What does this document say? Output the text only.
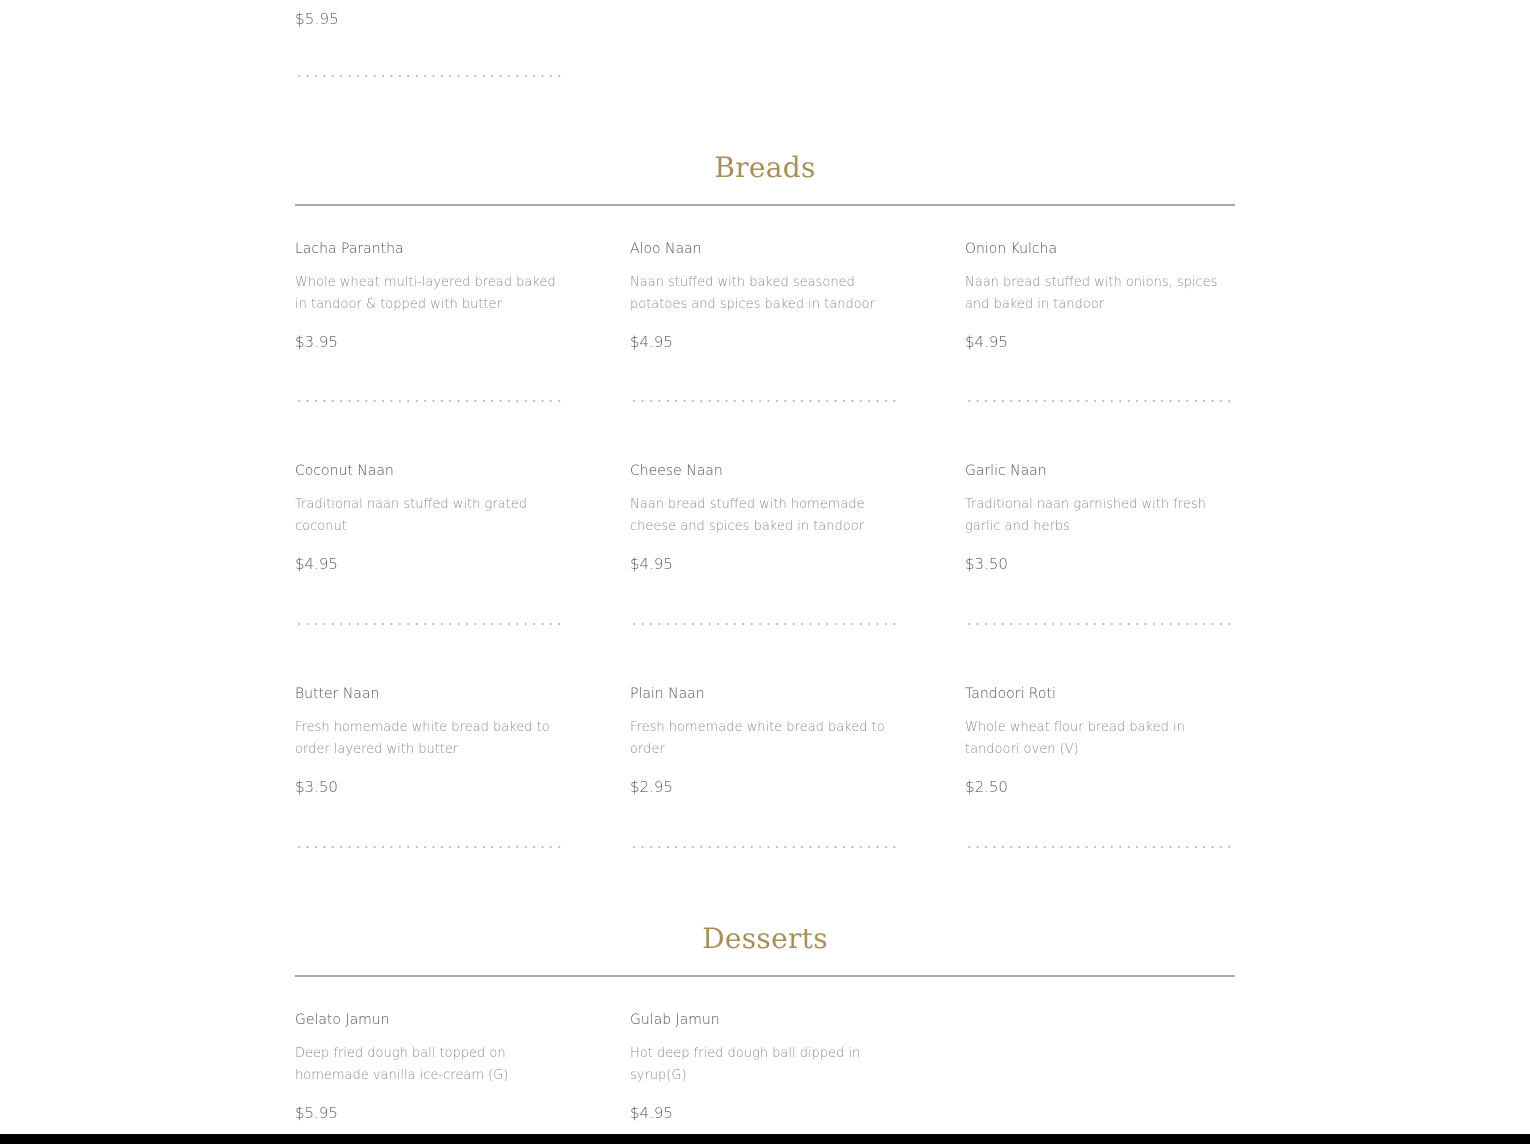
$5.95
Breads
Lacha Parantha
Whole wheat multi-layered bread baked in tandoor & topped with butter
$3.95
Aloo Naan
Naan stuffed with baked seasoned potatoes and spices baked in tandoor
$4.95
Onion Kulcha
Naan bread stuffed with onions, spices and baked in tandoor
$4.95
Coconut Naan
Traditional naan stuffed with grated coconut
$4.95
Cheese Naan
Naan bread stuffed with homemade cheese and spices baked in tandoor
$4.95
Garlic Naan
Traditional naan garnished with fresh garlic and herbs
$3.50
Butter Naan
Fresh homemade white bread baked to order layered with butter
$3.50
Plain Naan
Fresh homemade white bread baked to order
$2.95
Tandoori Roti
Whole wheat flour bread baked in tandoori oven (V)
$2.50
Desserts
Gelato Jamun
Deep fried dough ball topped on homemade vanilla ice-cream (G)
$5.95
Gulab Jamun
Hot deep fried dough ball dipped in syrup(G)
$4.95
